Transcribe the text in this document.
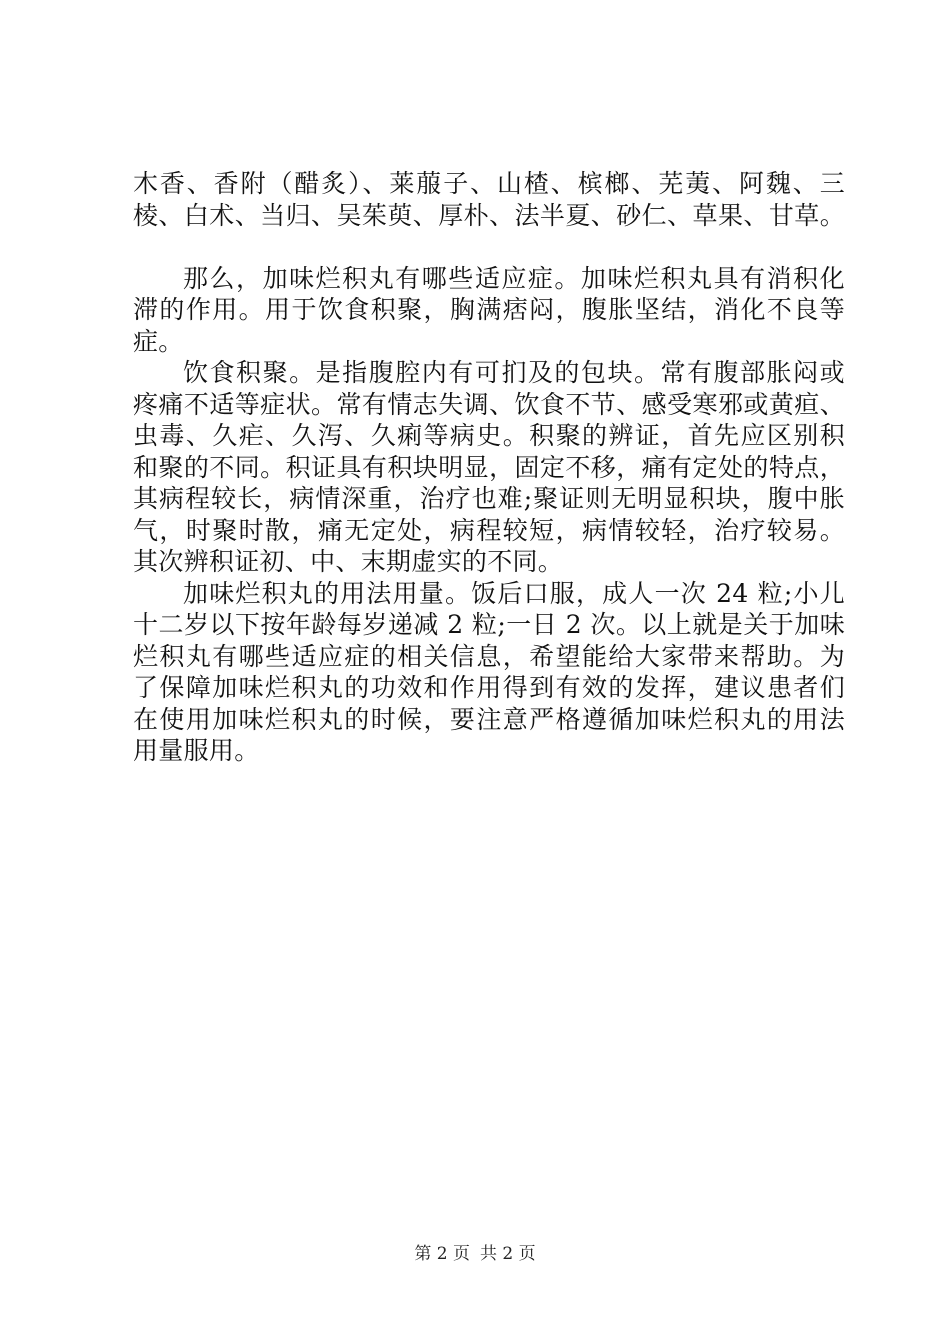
木香、香附（醋炙）、莱菔子、山楂、槟榔、芜荑、阿魏、三
棱、白术、当归、吴茱萸、厚朴、法半夏、砂仁、草果、甘草。
那么，加味烂积丸有哪些适应症。加味烂积丸具有消积化
滞的作用。用于饮食积聚，胸满痞闷，腹胀坚结，消化不良等
症。
饮食积聚。是指腹腔内有可扪及的包块。常有腹部胀闷或
疼痛不适等症状。常有情志失调、饮食不节、感受寒邪或黄疸、
虫毒、久疟、久泻、久痢等病史。积聚的辨证，首先应区别积
和聚的不同。积证具有积块明显，固定不移，痛有定处的特点，
其病程较长，病情深重，治疗也难;聚证则无明显积块，腹中胀
气，时聚时散，痛无定处，病程较短，病情较轻，治疗较易。
其次辨积证初、中、末期虚实的不同。
加味烂积丸的用法用量。饭后口服，成人一次 24 粒;小儿
十二岁以下按年龄每岁递减 2 粒;一日 2 次。以上就是关于加味
烂积丸有哪些适应症的相关信息，希望能给大家带来帮助。为
了保障加味烂积丸的功效和作用得到有效的发挥，建议患者们
在使用加味烂积丸的时候，要注意严格遵循加味烂积丸的用法
用量服用。
第 2 页 共 2 页
